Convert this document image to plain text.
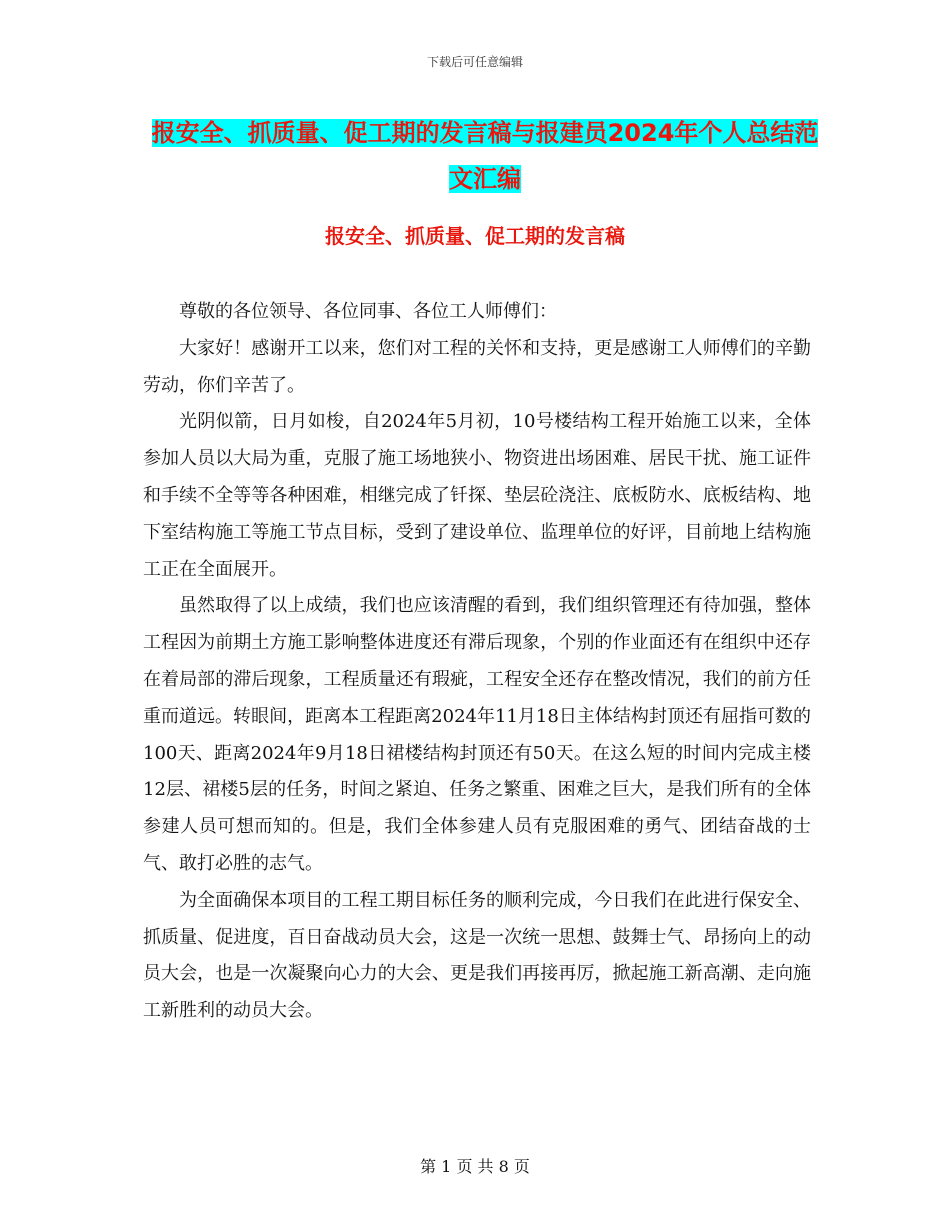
下载后可任意编辑
报安全、抓质量、促工期的发言稿与报建员2024年个人总结范文汇编
报安全、抓质量、促工期的发言稿

尊敬的各位领导、各位同事、各位工人师傅们：

大家好！感谢开工以来，您们对工程的关怀和支持，更是感谢工人师傅们的辛勤劳动，你们辛苦了。

光阴似箭，日月如梭，自2024年5月初，10号楼结构工程开始施工以来，全体参加人员以大局为重，克服了施工场地狭小、物资进出场困难、居民干扰、施工证件和手续不全等等各种困难，相继完成了钎探、垫层砼浇注、底板防水、底板结构、地下室结构施工等施工节点目标，受到了建设单位、监理单位的好评，目前地上结构施工正在全面展开。

虽然取得了以上成绩，我们也应该清醒的看到，我们组织管理还有待加强，整体工程因为前期土方施工影响整体进度还有滞后现象，个别的作业面还有在组织中还存在着局部的滞后现象，工程质量还有瑕疵，工程安全还存在整改情况，我们的前方任重而道远。转眼间，距离本工程距离2024年11月18日主体结构封顶还有屈指可数的100天、距离2024年9月18日裙楼结构封顶还有50天。在这么短的时间内完成主楼12层、裙楼5层的任务，时间之紧迫、任务之繁重、困难之巨大，是我们所有的全体参建人员可想而知的。但是，我们全体参建人员有克服困难的勇气、团结奋战的士气、敢打必胜的志气。

为全面确保本项目的工程工期目标任务的顺利完成，今日我们在此进行保安全、抓质量、促进度，百日奋战动员大会，这是一次统一思想、鼓舞士气、昂扬向上的动员大会，也是一次凝聚向心力的大会、更是我们再接再厉，掀起施工新高潮、走向施工新胜利的动员大会。

第 1 页 共 8 页
